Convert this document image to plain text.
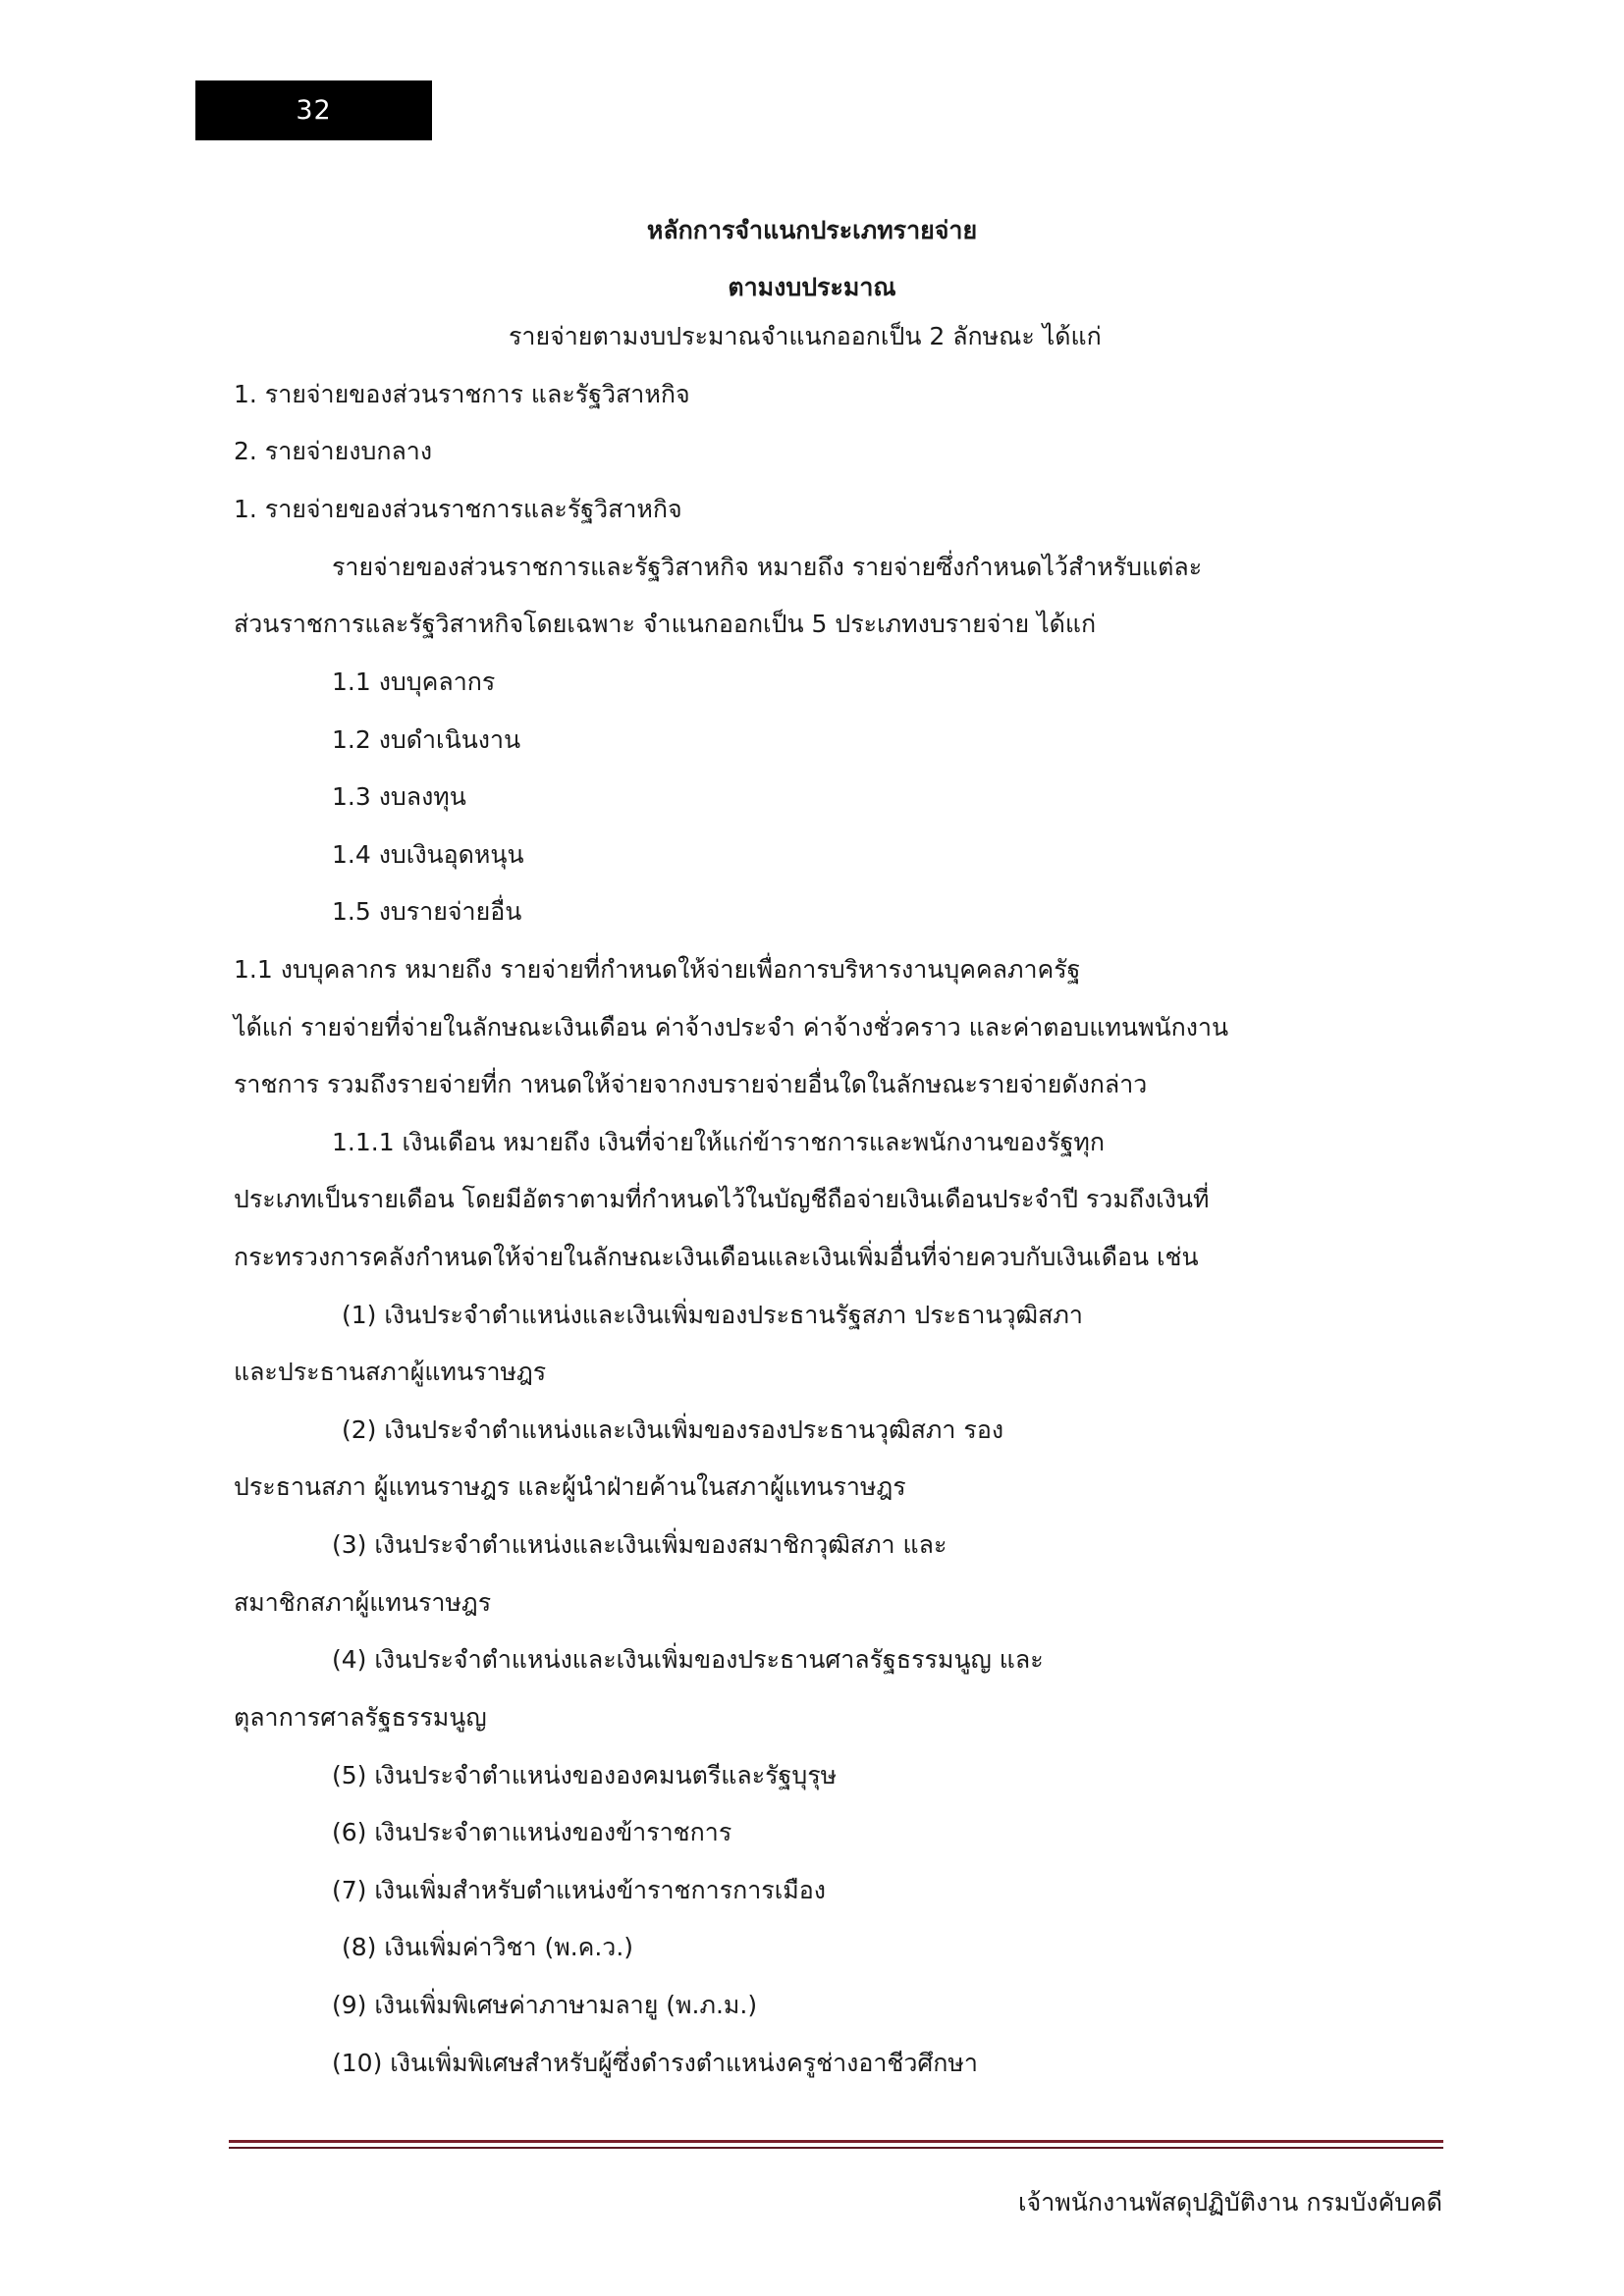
32
หลักการจำแนกประเภทรายจ่าย
ตามงบประมาณ

รายจ่ายตามงบประมาณจำแนกออกเป็น 2 ลักษณะ ได้แก่

1. รายจ่ายของส่วนราชการ และรัฐวิสาหกิจ

2. รายจ่ายงบกลาง

1. รายจ่ายของส่วนราชการและรัฐวิสาหกิจ

รายจ่ายของส่วนราชการและรัฐวิสาหกิจ หมายถึง รายจ่ายซึ่งกำหนดไว้สำหรับแต่ละ

ส่วนราชการและรัฐวิสาหกิจโดยเฉพาะ จำแนกออกเป็น 5 ประเภทงบรายจ่าย ได้แก่

1.1 งบบุคลากร

1.2 งบดำเนินงาน

1.3 งบลงทุน

1.4 งบเงินอุดหนุน

1.5 งบรายจ่ายอื่น

1.1 งบบุคลากร หมายถึง รายจ่ายที่กำหนดให้จ่ายเพื่อการบริหารงานบุคคลภาครัฐ

ได้แก่ รายจ่ายที่จ่ายในลักษณะเงินเดือน ค่าจ้างประจำ ค่าจ้างชั่วคราว และค่าตอบแทนพนักงาน

ราชการ รวมถึงรายจ่ายที่ก าหนดให้จ่ายจากงบรายจ่ายอื่นใดในลักษณะรายจ่ายดังกล่าว

1.1.1 เงินเดือน หมายถึง เงินที่จ่ายให้แก่ข้าราชการและพนักงานของรัฐทุก

ประเภทเป็นรายเดือน โดยมีอัตราตามที่กำหนดไว้ในบัญชีถือจ่ายเงินเดือนประจำปี รวมถึงเงินที่

กระทรวงการคลังกำหนดให้จ่ายในลักษณะเงินเดือนและเงินเพิ่มอื่นที่จ่ายควบกับเงินเดือน เช่น

(1) เงินประจำตำแหน่งและเงินเพิ่มของประธานรัฐสภา ประธานวุฒิสภา

และประธานสภาผู้แทนราษฎร

(2) เงินประจำตำแหน่งและเงินเพิ่มของรองประธานวุฒิสภา รอง

ประธานสภา ผู้แทนราษฎร และผู้นำฝ่ายค้านในสภาผู้แทนราษฎร

(3) เงินประจำตำแหน่งและเงินเพิ่มของสมาชิกวุฒิสภา และ

สมาชิกสภาผู้แทนราษฎร

(4) เงินประจำตำแหน่งและเงินเพิ่มของประธานศาลรัฐธรรมนูญ และ

ตุลาการศาลรัฐธรรมนูญ

(5) เงินประจำตำแหน่งขององคมนตรีและรัฐบุรุษ

(6) เงินประจำตาแหน่งของข้าราชการ

(7) เงินเพิ่มสำหรับตำแหน่งข้าราชการการเมือง

(8) เงินเพิ่มค่าวิชา (พ.ค.ว.)

(9) เงินเพิ่มพิเศษค่าภาษามลายู (พ.ภ.ม.)

(10) เงินเพิ่มพิเศษสำหรับผู้ซึ่งดำรงตำแหน่งครูช่างอาชีวศึกษา

เจ้าพนักงานพัสดุปฏิบัติงาน กรมบังคับคดี
